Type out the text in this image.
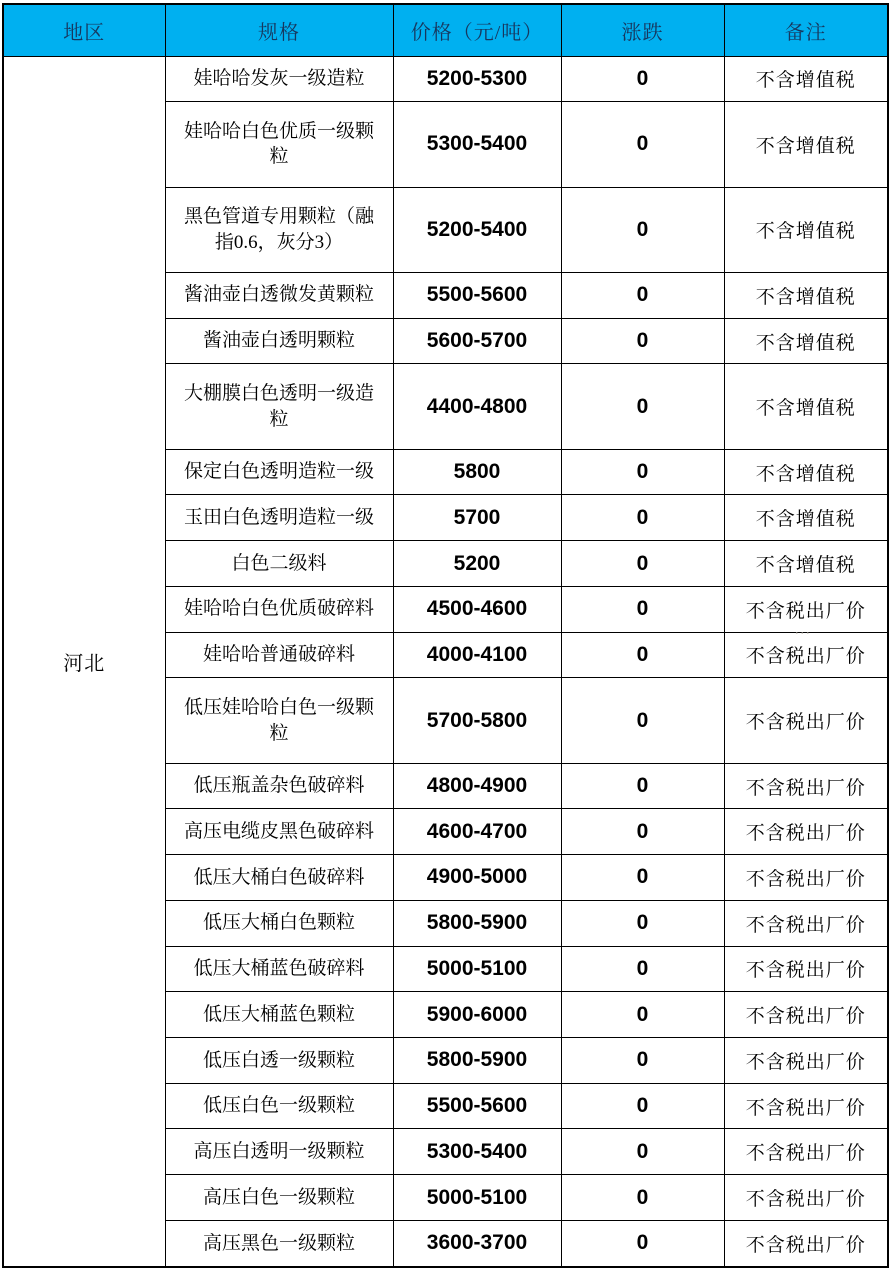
地区	规格	价格（元/吨）	涨跌	备注
河北	娃哈哈发灰一级造粒	5200-5300	0	不含增值税
	娃哈哈白色优质一级颗粒	5300-5400	0	不含增值税
	黑色管道专用颗粒（融指0.6，灰分3）	5200-5400	0	不含增值税
	酱油壶白透微发黄颗粒	5500-5600	0	不含增值税
	酱油壶白透明颗粒	5600-5700	0	不含增值税
	大棚膜白色透明一级造粒	4400-4800	0	不含增值税
	保定白色透明造粒一级	5800	0	不含增值税
	玉田白色透明造粒一级	5700	0	不含增值税
	白色二级料	5200	0	不含增值税
	娃哈哈白色优质破碎料	4500-4600	0	不含税出厂价
	娃哈哈普通破碎料	4000-4100	0	不含税出厂价
	低压娃哈哈白色一级颗粒	5700-5800	0	不含税出厂价
	低压瓶盖杂色破碎料	4800-4900	0	不含税出厂价
	高压电缆皮黑色破碎料	4600-4700	0	不含税出厂价
	低压大桶白色破碎料	4900-5000	0	不含税出厂价
	低压大桶白色颗粒	5800-5900	0	不含税出厂价
	低压大桶蓝色破碎料	5000-5100	0	不含税出厂价
	低压大桶蓝色颗粒	5900-6000	0	不含税出厂价
	低压白透一级颗粒	5800-5900	0	不含税出厂价
	低压白色一级颗粒	5500-5600	0	不含税出厂价
	高压白透明一级颗粒	5300-5400	0	不含税出厂价
	高压白色一级颗粒	5000-5100	0	不含税出厂价
	高压黑色一级颗粒	3600-3700	0	不含税出厂价
...
